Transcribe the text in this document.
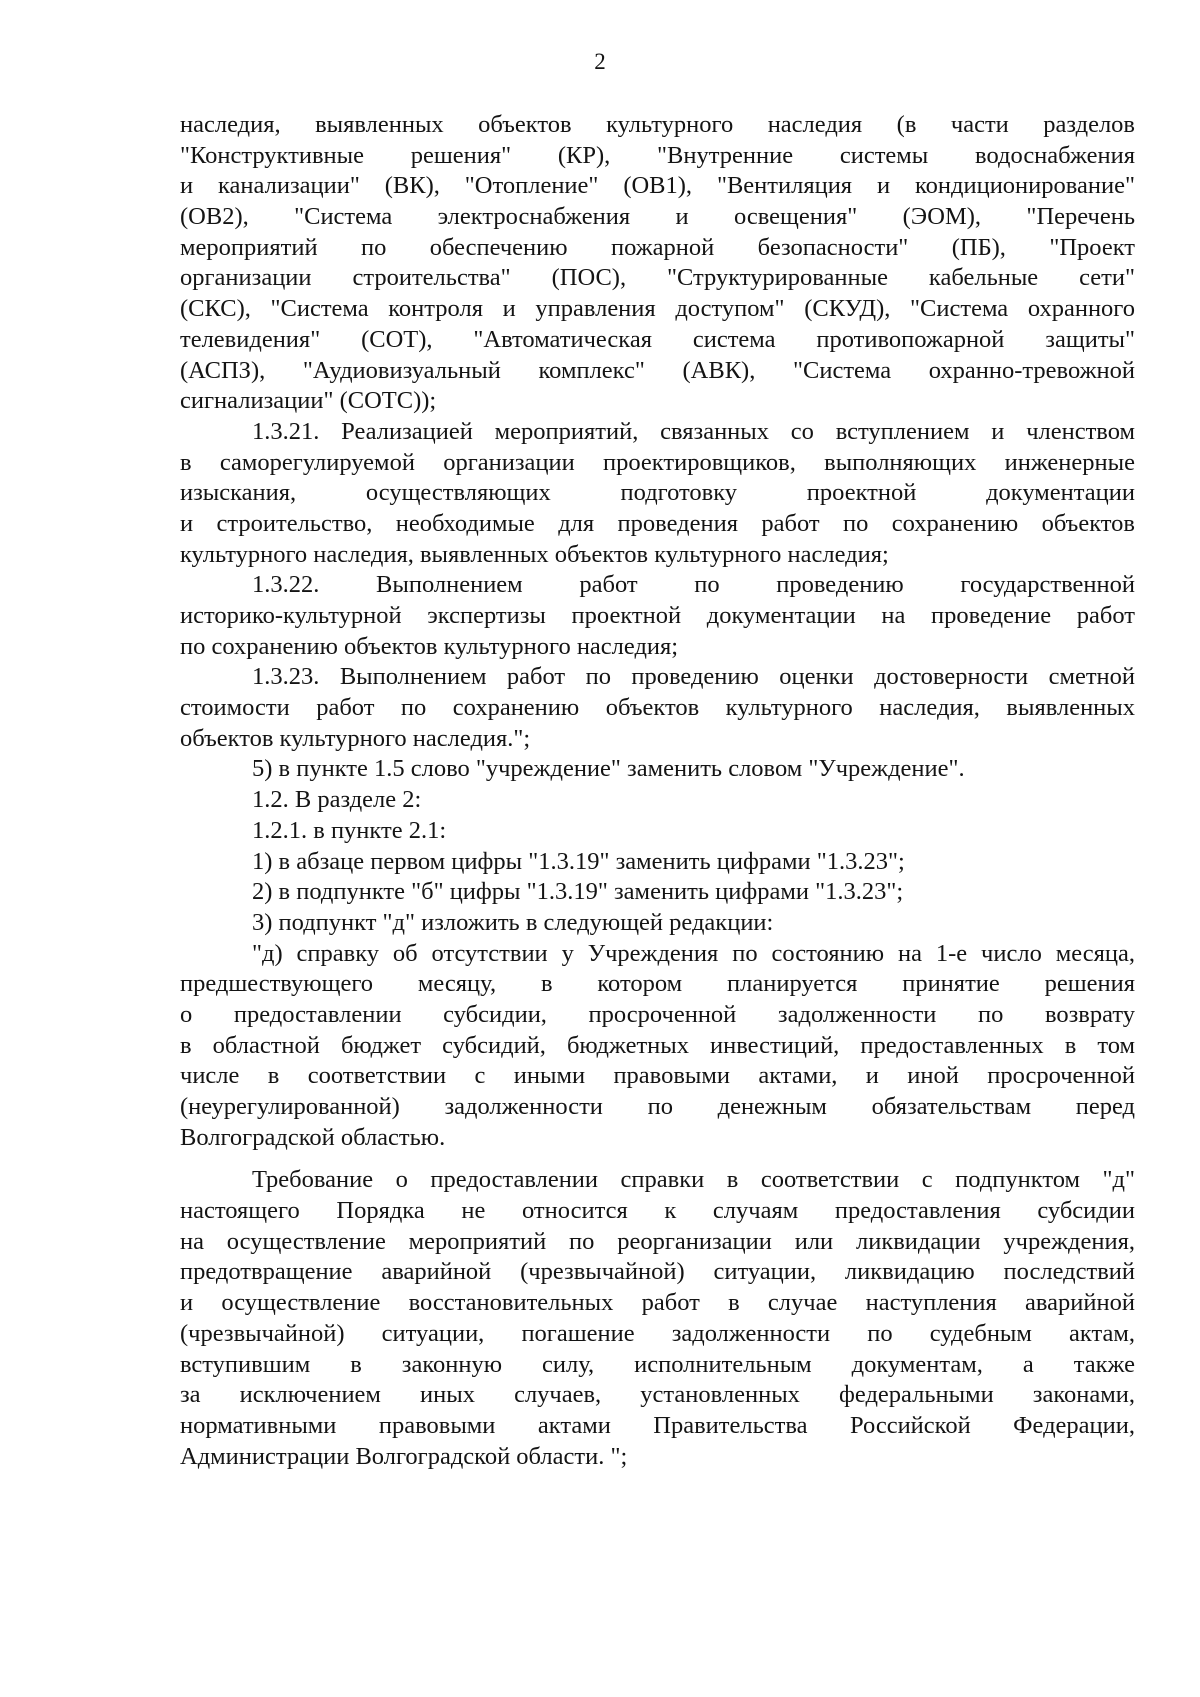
2
наследия, выявленных объектов культурного наследия (в части разделов
"Конструктивные решения" (КР), "Внутренние системы водоснабжения
и канализации" (ВК), "Отопление" (ОВ1), "Вентиляция и кондиционирование"
(ОВ2), "Система электроснабжения и освещения" (ЭОМ), "Перечень
мероприятий по обеспечению пожарной безопасности" (ПБ), "Проект
организации строительства" (ПОС), "Структурированные кабельные сети"
(СКС), "Система контроля и управления доступом" (СКУД), "Система охранного
телевидения" (СОТ), "Автоматическая система противопожарной защиты"
(АСПЗ), "Аудиовизуальный комплекс" (АВК), "Система охранно-тревожной
сигнализации" (СОТС));
1.3.21. Реализацией мероприятий, связанных со вступлением и членством
в саморегулируемой организации проектировщиков, выполняющих инженерные
изыскания, осуществляющих подготовку проектной документации
и строительство, необходимые для проведения работ по сохранению объектов
культурного наследия, выявленных объектов культурного наследия;
1.3.22. Выполнением работ по проведению государственной
историко-культурной экспертизы проектной документации на проведение работ
по сохранению объектов культурного наследия;
1.3.23. Выполнением работ по проведению оценки достоверности сметной
стоимости работ по сохранению объектов культурного наследия, выявленных
объектов культурного наследия.";
5) в пункте 1.5 слово "учреждение" заменить словом "Учреждение".
1.2. В разделе 2:
1.2.1. в пункте 2.1:
1) в абзаце первом цифры "1.3.19" заменить цифрами "1.3.23";
2) в подпункте "б" цифры "1.3.19" заменить цифрами "1.3.23";
3) подпункт "д" изложить в следующей редакции:
"д) справку об отсутствии у Учреждения по состоянию на 1-е число месяца,
предшествующего месяцу, в котором планируется принятие решения
о предоставлении субсидии, просроченной задолженности по возврату
в областной бюджет субсидий, бюджетных инвестиций, предоставленных в том
числе в соответствии с иными правовыми актами, и иной просроченной
(неурегулированной) задолженности по денежным обязательствам перед
Волгоградской областью.
Требование о предоставлении справки в соответствии с подпунктом "д"
настоящего Порядка не относится к случаям предоставления субсидии
на осуществление мероприятий по реорганизации или ликвидации учреждения,
предотвращение аварийной (чрезвычайной) ситуации, ликвидацию последствий
и осуществление восстановительных работ в случае наступления аварийной
(чрезвычайной) ситуации, погашение задолженности по судебным актам,
вступившим в законную силу, исполнительным документам, а также
за исключением иных случаев, установленных федеральными законами,
нормативными правовыми актами Правительства Российской Федерации,
Администрации Волгоградской области. ";
